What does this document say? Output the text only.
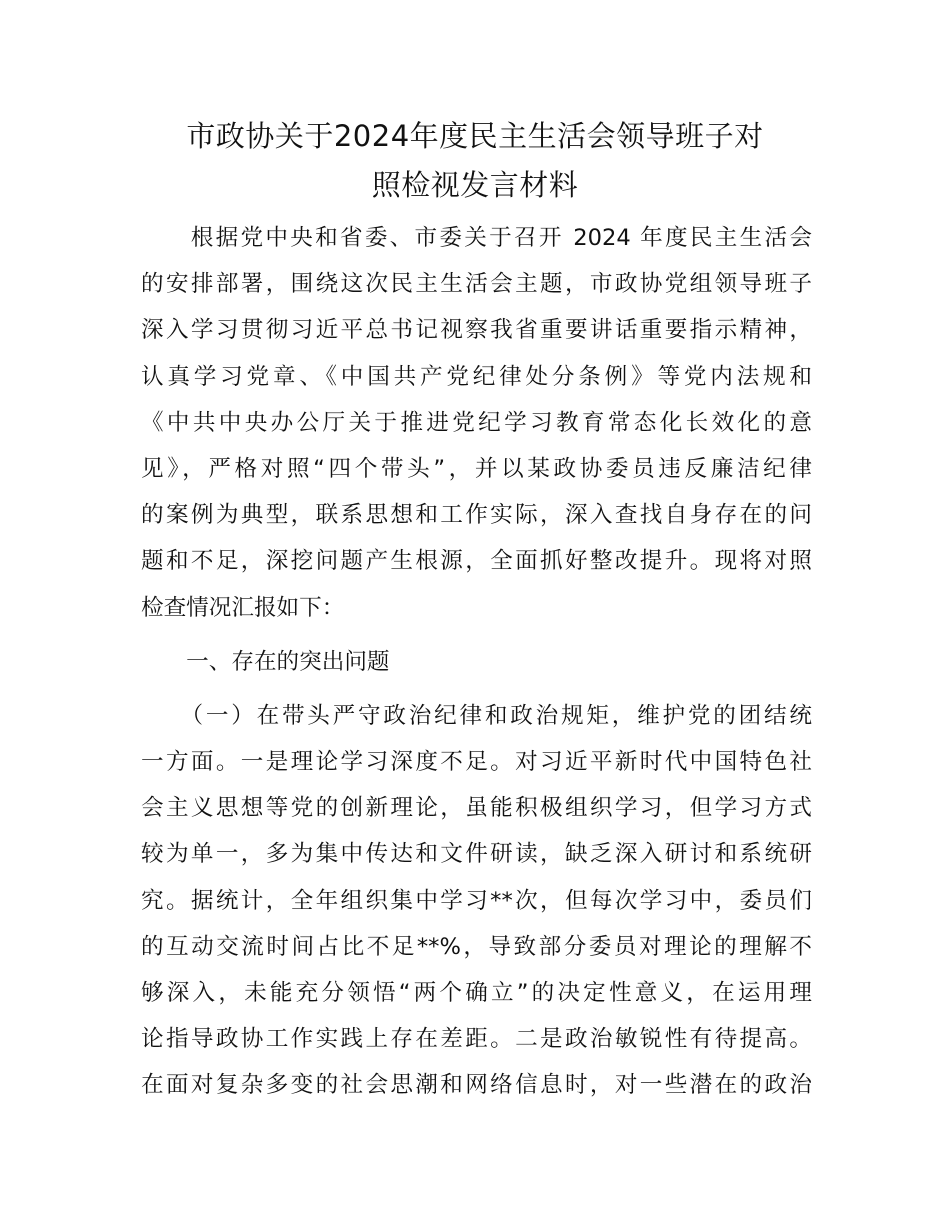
市政协关于2024年度民主生活会领导班子对
照检视发言材料
　　根据党中央和省委、市委关于召开 2024 年度民主生活会
的安排部署，围绕这次民主生活会主题，市政协党组领导班子
深入学习贯彻习近平总书记视察我省重要讲话重要指示精神，
认真学习党章、《中国共产党纪律处分条例》等党内法规和
《中共中央办公厅关于推进党纪学习教育常态化长效化的意
见》，严格对照“四个带头”，并以某政协委员违反廉洁纪律
的案例为典型，联系思想和工作实际，深入查找自身存在的问
题和不足，深挖问题产生根源，全面抓好整改提升。现将对照
检查情况汇报如下：
　　一、存在的突出问题
　　（一）在带头严守政治纪律和政治规矩，维护党的团结统
一方面。一是理论学习深度不足。对习近平新时代中国特色社
会主义思想等党的创新理论，虽能积极组织学习，但学习方式
较为单一，多为集中传达和文件研读，缺乏深入研讨和系统研
究。据统计，全年组织集中学习**次，但每次学习中，委员们
的互动交流时间占比不足**%，导致部分委员对理论的理解不
够深入，未能充分领悟“两个确立”的决定性意义，在运用理
论指导政协工作实践上存在差距。二是政治敏锐性有待提高。
在面对复杂多变的社会思潮和网络信息时，对一些潜在的政治
